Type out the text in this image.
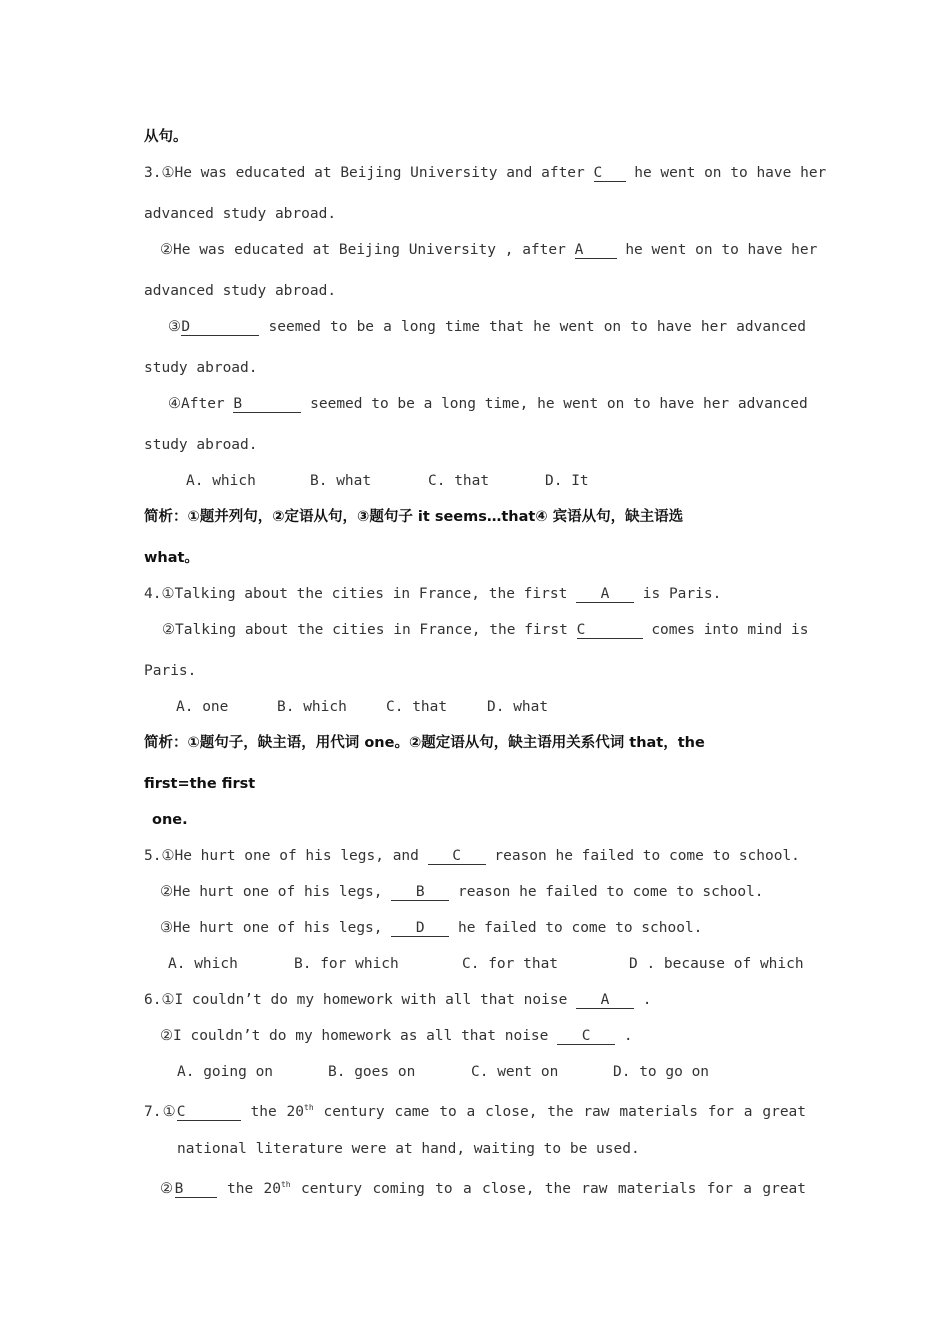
从句。
3.①He was educated at Beijing University and after C he went on to have her
advanced study abroad.
②He was educated at Beijing University , after A	he went on to have her
advanced study abroad.
③D	seemed to be a long time that he went on to have her advanced
study abroad.
④After B	seemed to be a long time, he went on to have her advanced
study abroad.
A. which	B. what	C. that	D. It
简析：①题并列句，②定语从句，③题句子 it seems…that④ 宾语从句，缺主语选
what。
4.①Talking about the cities in France, the first A is Paris.
②Talking about the cities in France, the first C	comes into mind is
Paris.
A. one	B. which	C. that	D. what
简析：①题句子，缺主语，用代词 one。②题定语从句，缺主语用关系代词 that，the
first=the first
one.
5.①He hurt one of his legs, and C reason he failed to come to school.
②He hurt one of his legs, B reason he failed to come to school.
③He hurt one of his legs, D he failed to come to school.
A. which	B. for which	C. for that	D . because of which
6.①I couldn’t do my homework with all that noise A .
②I couldn’t do my homework as all that noise C .
A. going on	B. goes on	C. went on	D. to go on
7.①C	the 20th century came to a close, the raw materials for a great
national literature were at hand, waiting to be used.
②B	the 20th century coming to a close, the raw materials for a great
